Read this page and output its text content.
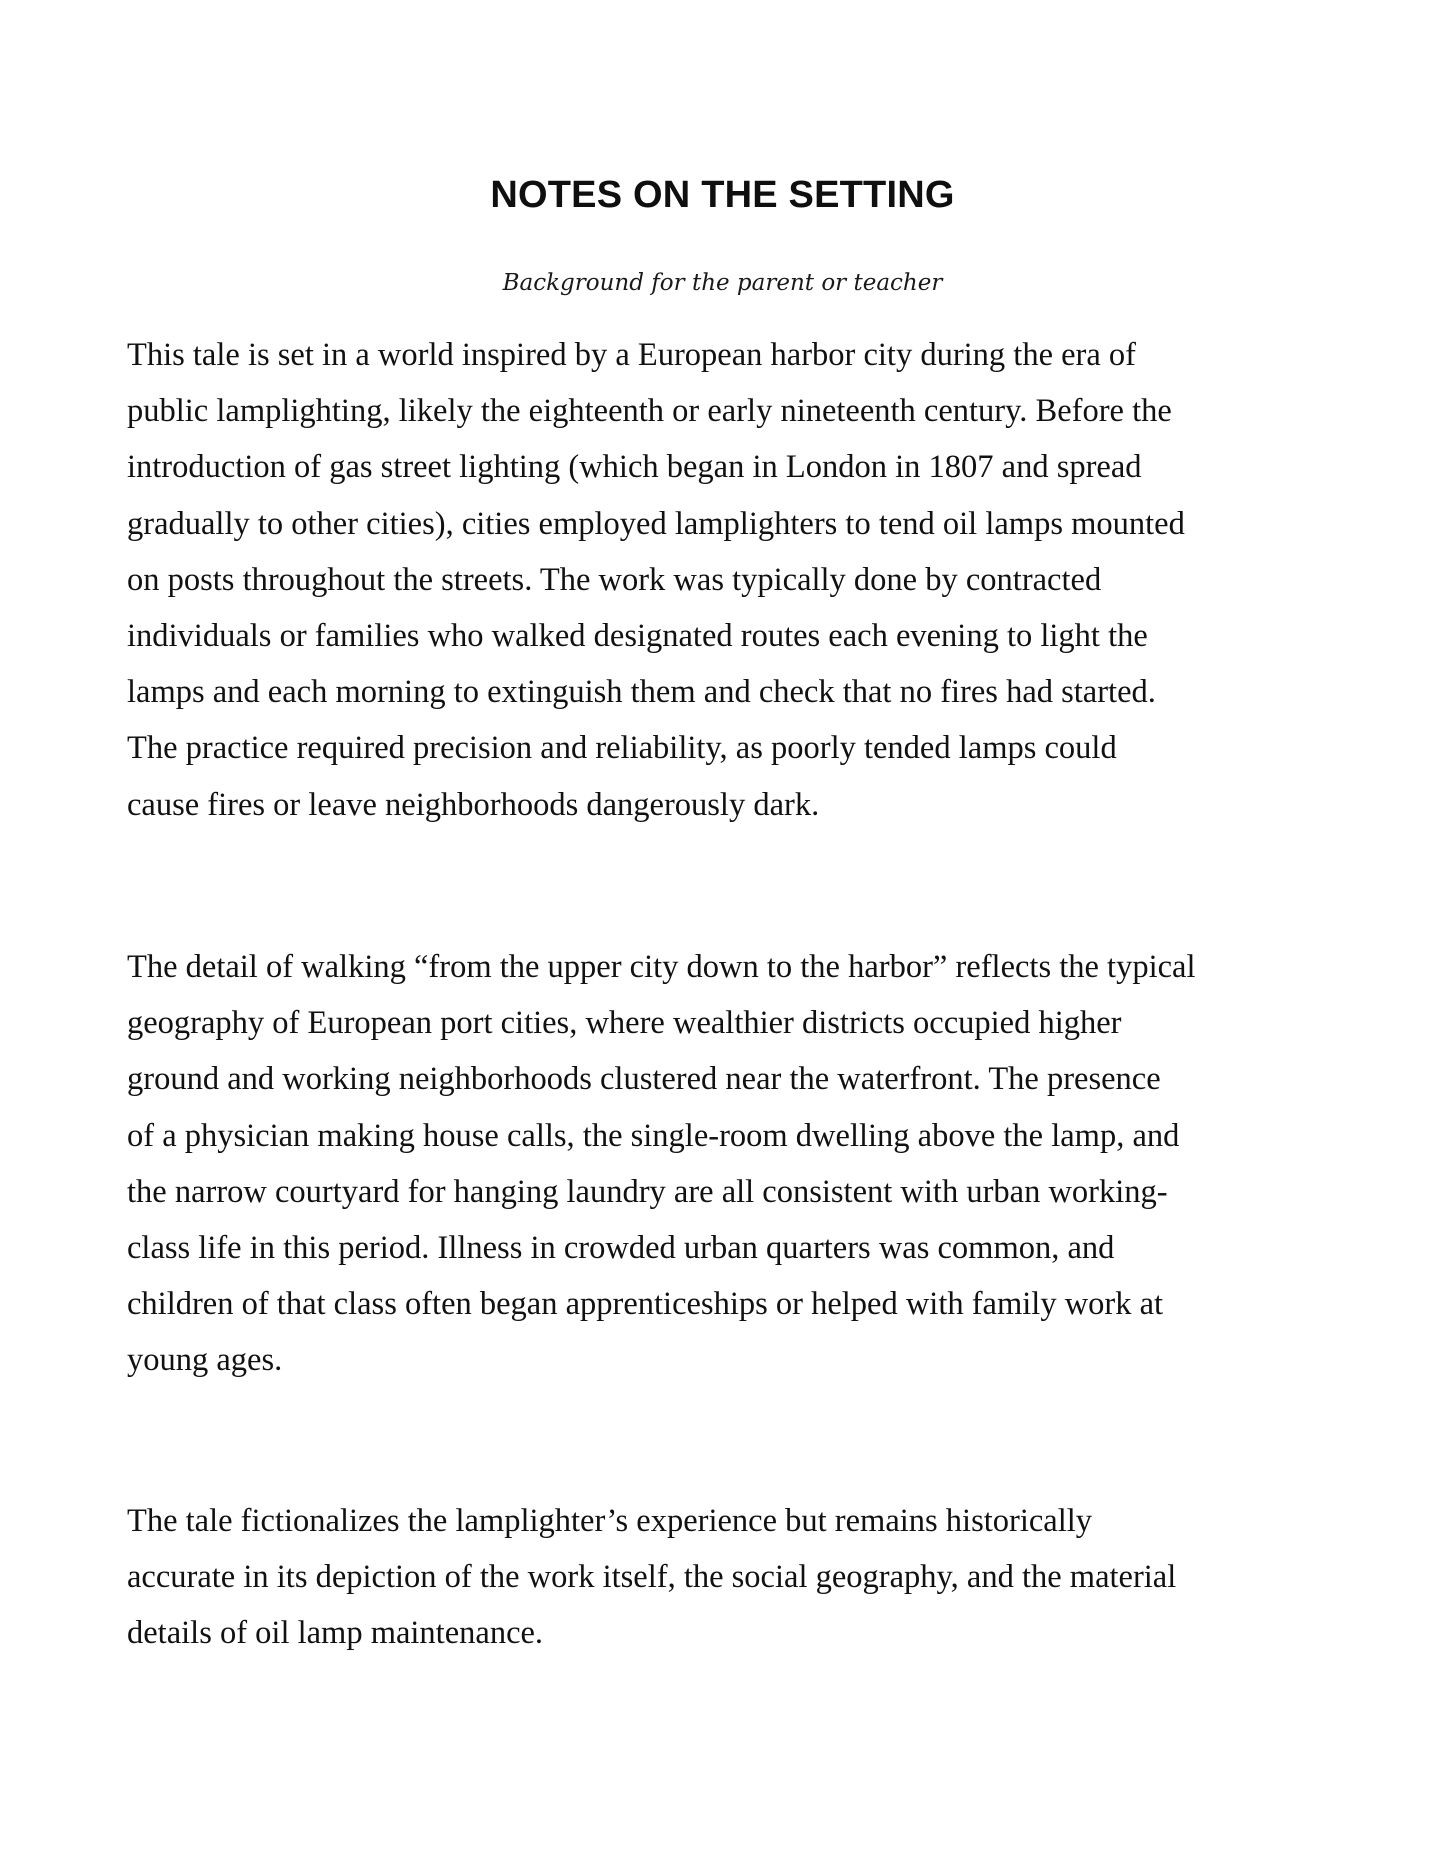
NOTES ON THE SETTING

Background for the parent or teacher

This tale is set in a world inspired by a European harbor city during the era of
public lamplighting, likely the eighteenth or early nineteenth century. Before the
introduction of gas street lighting (which began in London in 1807 and spread
gradually to other cities), cities employed lamplighters to tend oil lamps mounted
on posts throughout the streets. The work was typically done by contracted
individuals or families who walked designated routes each evening to light the
lamps and each morning to extinguish them and check that no fires had started.
The practice required precision and reliability, as poorly tended lamps could
cause fires or leave neighborhoods dangerously dark.
The detail of walking “from the upper city down to the harbor” reflects the typical
geography of European port cities, where wealthier districts occupied higher
ground and working neighborhoods clustered near the waterfront. The presence
of a physician making house calls, the single-room dwelling above the lamp, and
the narrow courtyard for hanging laundry are all consistent with urban working-
class life in this period. Illness in crowded urban quarters was common, and
children of that class often began apprenticeships or helped with family work at
young ages.
The tale fictionalizes the lamplighter’s experience but remains historically
accurate in its depiction of the work itself, the social geography, and the material
details of oil lamp maintenance.
